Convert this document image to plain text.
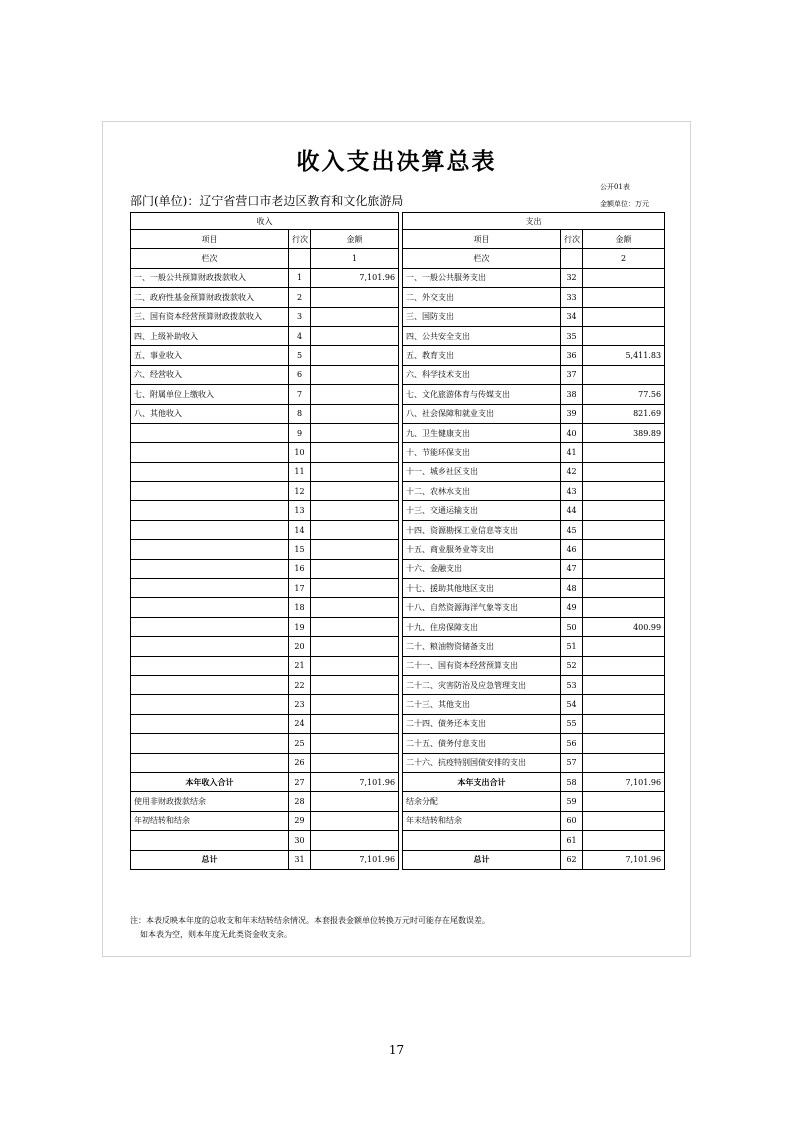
收入支出决算总表
公开01表
部门(单位)：辽宁省营口市老边区教育和文化旅游局	金额单位：万元
收入				支出		
项目	行次	金额		项目	行次	金额
栏次		1		栏次		2
一、一般公共预算财政拨款收入	1	7,101.96		一、一般公共服务支出	32	
二、政府性基金预算财政拨款收入	2			二、外交支出	33	
三、国有资本经营预算财政拨款收入	3			三、国防支出	34	
四、上级补助收入	4			四、公共安全支出	35	
五、事业收入	5			五、教育支出	36	5,411.83
六、经营收入	6			六、科学技术支出	37	
七、附属单位上缴收入	7			七、文化旅游体育与传媒支出	38	77.56
八、其他收入	8			八、社会保障和就业支出	39	821.69
	9			九、卫生健康支出	40	389.89
	10			十、节能环保支出	41	
	11			十一、城乡社区支出	42	
	12			十二、农林水支出	43	
	13			十三、交通运输支出	44	
	14			十四、资源勘探工业信息等支出	45	
	15			十五、商业服务业等支出	46	
	16			十六、金融支出	47	
	17			十七、援助其他地区支出	48	
	18			十八、自然资源海洋气象等支出	49	
	19			十九、住房保障支出	50	400.99
	20			二十、粮油物资储备支出	51	
	21			二十一、国有资本经营预算支出	52	
	22			二十二、灾害防治及应急管理支出	53	
	23			二十三、其他支出	54	
	24			二十四、债务还本支出	55	
	25			二十五、债务付息支出	56	
	26			二十六、抗疫特别国债安排的支出	57	
本年收入合计	27	7,101.96		本年支出合计	58	7,101.96
使用非财政拨款结余	28			结余分配	59	
年初结转和结余	29			年末结转和结余	60	
	30				61	
总计	31	7,101.96		总计	62	7,101.96
注：本表反映本年度的总收支和年末结转结余情况。本套报表金额单位转换万元时可能存在尾数误差。
如本表为空，则本年度无此类资金收支余。
17
